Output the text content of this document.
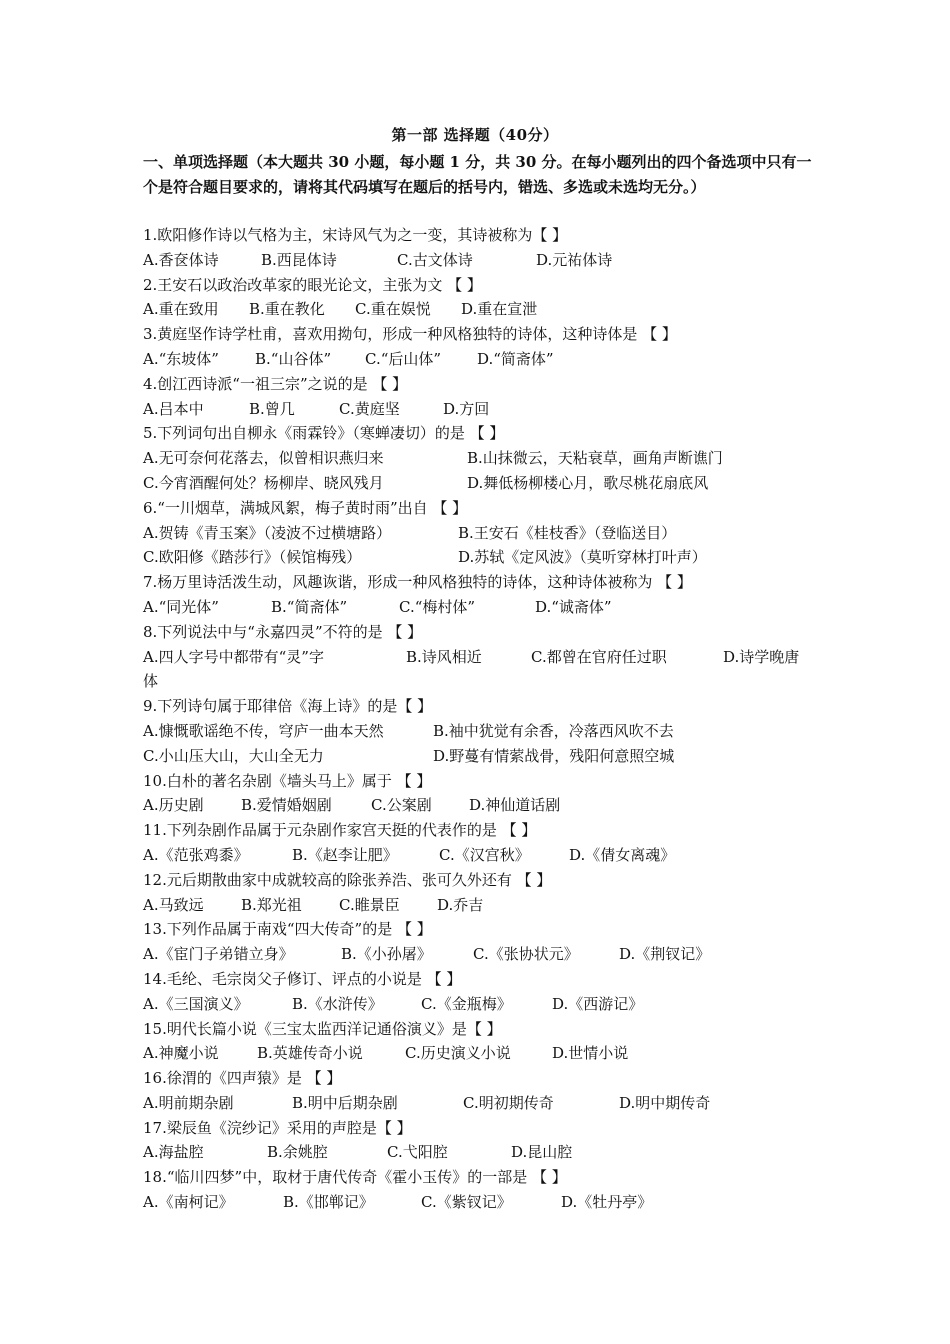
第一部 选择题（40分）
一、单项选择题（本大题共 30 小题，每小题 1 分，共 30 分。在每小题列出的四个备选项中只有一个是符合题目要求的，请将其代码填写在题后的括号内，错选、多选或未选均无分。）
1.欧阳修作诗以气格为主，宋诗风气为之一变，其诗被称为【 】
A.香奁体诗	B.西昆体诗	C.古文体诗	D.元祐体诗
2.王安石以政治改革家的眼光论文，主张为文 【 】
A.重在致用 B.重在教化 C.重在娱悦 D.重在宣泄
3.黄庭坚作诗学杜甫，喜欢用拗句，形成一种风格独特的诗体，这种诗体是 【 】
A.“东坡体” B.“山谷体” C.“后山体” D.“简斋体”
4.创江西诗派“一祖三宗”之说的是 【 】
A.吕本中	B.曾几	C.黄庭坚	D.方回
5.下列词句出自柳永《雨霖铃》（寒蝉凄切）的是 【 】
A.无可奈何花落去，似曾相识燕归来	B.山抹微云，天粘衰草，画角声断谯门
C.今宵酒醒何处？杨柳岸、晓风残月	D.舞低杨柳楼心月，歌尽桃花扇底风
6.“一川烟草，满城风絮，梅子黄时雨”出自 【 】
A.贺铸《青玉案》（凌波不过横塘路）	B.王安石《桂枝香》（登临送目）
C.欧阳修《踏莎行》（候馆梅残）	D.苏轼《定风波》（莫听穿林打叶声）
7.杨万里诗活泼生动，风趣诙谐，形成一种风格独特的诗体，这种诗体被称为 【 】
A.“同光体”	B.“简斋体”	C.“梅村体”	D.“诚斋体”
8.下列说法中与“永嘉四灵”不符的是 【 】
A.四人字号中都带有“灵”字	B.诗风相近	C.都曾在官府任过职	D.诗学晚唐
体
9.下列诗句属于耶律倍《海上诗》的是【 】
A.慷慨歌谣绝不传，穹庐一曲本天然	B.袖中犹觉有余香，冷落西风吹不去
C.小山压大山，大山全无力	D.野蔓有情萦战骨，残阳何意照空城
10.白朴的著名杂剧《墙头马上》属于 【 】
A.历史剧 B.爱情婚姻剧	C.公案剧 D.神仙道话剧
11.下列杂剧作品属于元杂剧作家宫天挺的代表作的是 【 】
A.《范张鸡黍》	B.《赵李让肥》	C.《汉宫秋》	D.《倩女离魂》
12.元后期散曲家中成就较高的除张养浩、张可久外还有 【 】
A.马致远 B.郑光祖 C.睢景臣 D.乔吉
13.下列作品属于南戏“四大传奇”的是 【 】
A.《宦门子弟错立身》	B.《小孙屠》	C.《张协状元》	D.《荆钗记》
14.毛纶、毛宗岗父子修订、评点的小说是 【 】
A.《三国演义》	B.《水浒传》	C.《金瓶梅》	D.《西游记》
15.明代长篇小说《三宝太监西洋记通俗演义》是【 】
A.神魔小说	B.英雄传奇小说	C.历史演义小说	D.世情小说
16.徐渭的《四声猿》是 【 】
A.明前期杂剧	B.明中后期杂剧	C.明初期传奇	D.明中期传奇
17.梁辰鱼《浣纱记》采用的声腔是【 】
A.海盐腔	B.余姚腔	C.弋阳腔	D.昆山腔
18.“临川四梦”中，取材于唐代传奇《霍小玉传》的一部是 【 】
A.《南柯记》	B.《邯郸记》	C.《紫钗记》	D.《牡丹亭》
